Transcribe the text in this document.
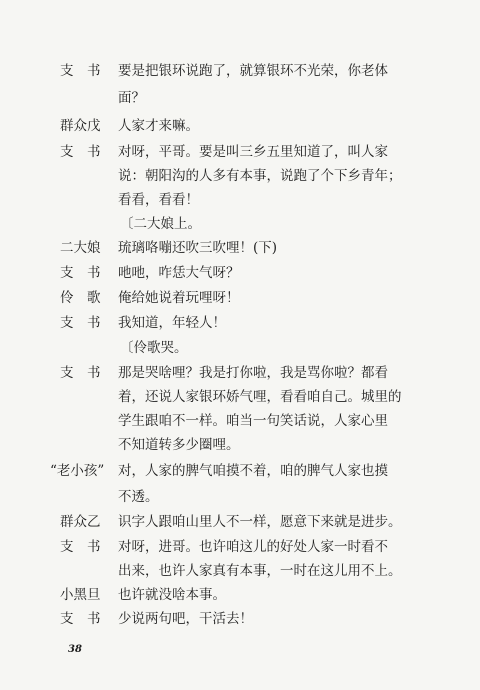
支　书	要是把银环说跑了，就算银环不光荣，你老体
面？
群众戊	人家才来嘛。
支　书	对呀，平哥。要是叫三乡五里知道了，叫人家
说：朝阳沟的人多有本事，说跑了个下乡青年；
看看，看看！
〔二大娘上。
二大娘	琉璃咯嘣还吹三吹哩！(下)
支　书	吔吔，咋恁大气呀？
伶　歌	俺给她说着玩哩呀！
支　书	我知道，年轻人！
〔伶歌哭。
支　书	那是哭啥哩？我是打你啦，我是骂你啦？都看
着，还说人家银环娇气哩，看看咱自己。城里的
学生跟咱不一样。咱当一句笑话说，人家心里
不知道转多少圈哩。
“老小孩” 对，人家的脾气咱摸不着，咱的脾气人家也摸
不透。
群众乙	识字人跟咱山里人不一样，愿意下来就是进步。
支　书	对呀，进哥。也许咱这儿的好处人家一时看不
出来，也许人家真有本事，一时在这儿用不上。
小黑旦	也许就没啥本事。
支　书	少说两句吧，干活去！
38
